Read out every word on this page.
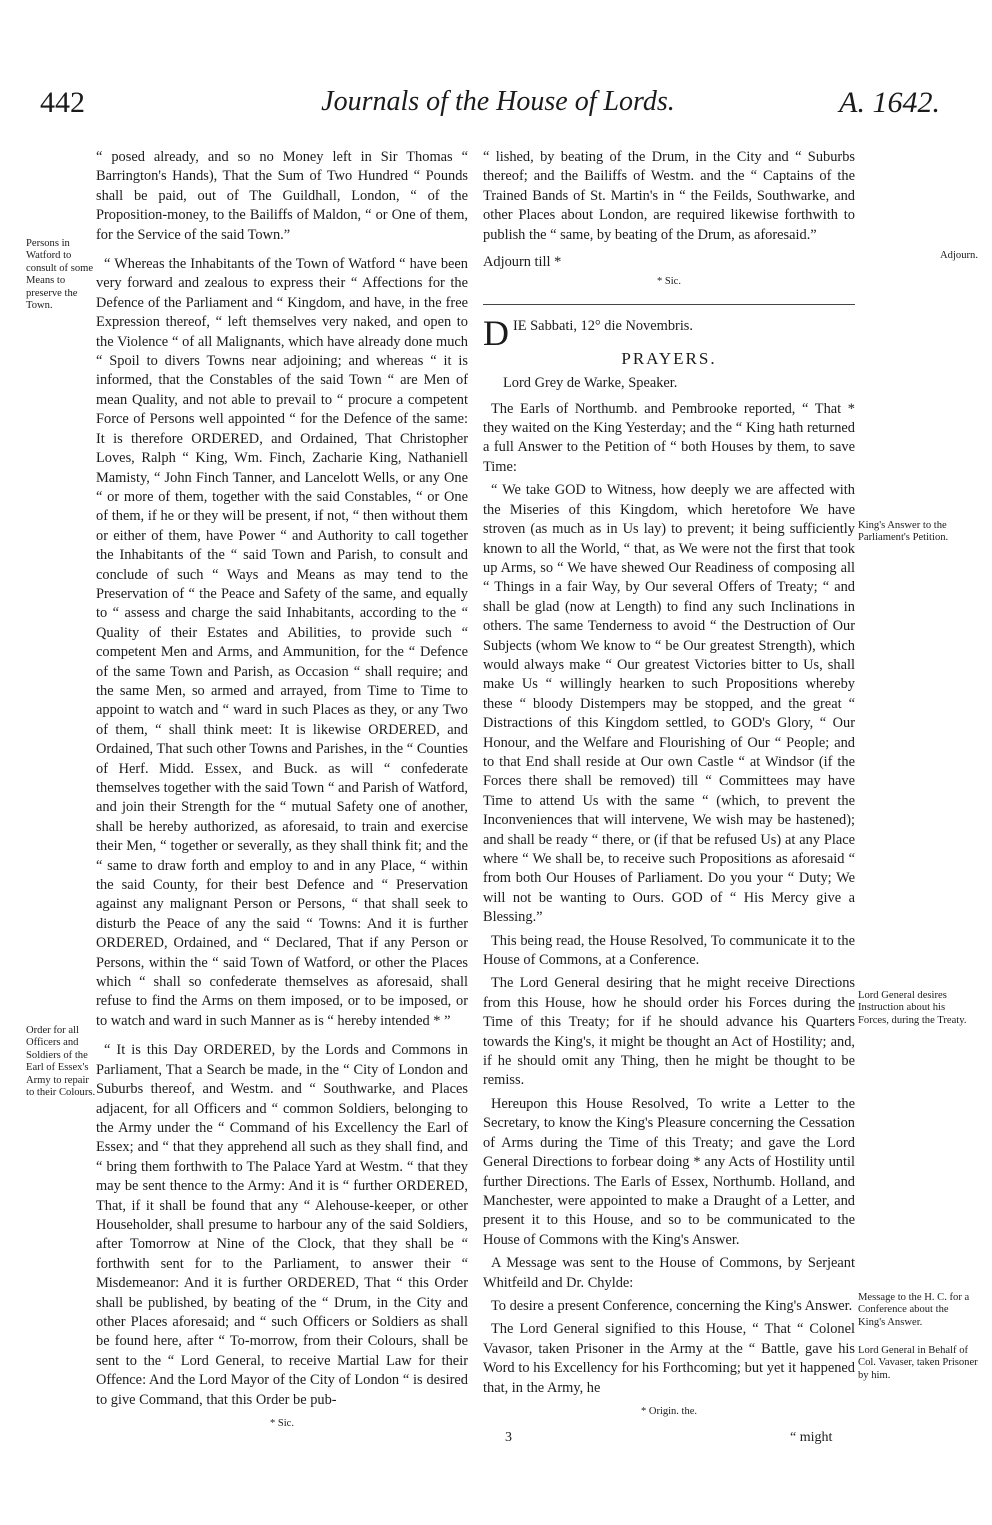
442	Journals of the House of Lords.	A. 1642.
Persons in Watford to consult of some Means to preserve the Town.
Order for all Officers and Soldiers of the Earl of Essex's Army to repair to their Colours.

“ posed already, and so no Money left in Sir Thomas “ Barrington's Hands), That the Sum of Two Hundred “ Pounds shall be paid, out of The Guildhall, London, “ of the Proposition-money, to the Bailiffs of Maldon, “ or One of them, for the Service of the said Town.”

“ Whereas the Inhabitants of the Town of Watford “ have been very forward and zealous to express their “ Affections for the Defence of the Parliament and “ Kingdom, and have, in the free Expression thereof, “ left themselves very naked, and open to the Violence “ of all Malignants, which have already done much “ Spoil to divers Towns near adjoining; and whereas “ it is informed, that the Constables of the said Town “ are Men of mean Quality, and not able to prevail to “ procure a competent Force of Persons well appointed “ for the Defence of the same: It is therefore ORDERED, and Ordained, That Christopher Loves, Ralph “ King, Wm. Finch, Zacharie King, Nathaniell Mamisty, “ John Finch Tanner, and Lancelott Wells, or any One “ or more of them, together with the said Constables, “ or One of them, if he or they will be present, if not, “ then without them or either of them, have Power “ and Authority to call together the Inhabitants of the “ said Town and Parish, to consult and conclude of such “ Ways and Means as may tend to the Preservation of “ the Peace and Safety of the same, and equally to “ assess and charge the said Inhabitants, according to the “ Quality of their Estates and Abilities, to provide such “ competent Men and Arms, and Ammunition, for the “ Defence of the same Town and Parish, as Occasion “ shall require; and the same Men, so armed and arrayed, from Time to Time to appoint to watch and “ ward in such Places as they, or any Two of them, “ shall think meet: It is likewise ORDERED, and Ordained, That such other Towns and Parishes, in the “ Counties of Herf. Midd. Essex, and Buck. as will “ confederate themselves together with the said Town “ and Parish of Watford, and join their Strength for the “ mutual Safety one of another, shall be hereby authorized, as aforesaid, to train and exercise their Men, “ together or severally, as they shall think fit; and the “ same to draw forth and employ to and in any Place, “ within the said County, for their best Defence and “ Preservation against any malignant Person or Persons, “ that shall seek to disturb the Peace of any the said “ Towns: And it is further ORDERED, Ordained, and “ Declared, That if any Person or Persons, within the “ said Town of Watford, or other the Places which “ shall so confederate themselves as aforesaid, shall refuse to find the Arms on them imposed, or to be imposed, or to watch and ward in such Manner as is “ hereby intended * ”

“ It is this Day ORDERED, by the Lords and Commons in Parliament, That a Search be made, in the “ City of London and Suburbs thereof, and Westm. and “ Southwarke, and Places adjacent, for all Officers and “ common Soldiers, belonging to the Army under the “ Command of his Excellency the Earl of Essex; and “ that they apprehend all such as they shall find, and “ bring them forthwith to The Palace Yard at Westm. “ that they may be sent thence to the Army: And it is “ further ORDERED, That, if it shall be found that any “ Alehouse-keeper, or other Householder, shall presume to harbour any of the said Soldiers, after Tomorrow at Nine of the Clock, that they shall be “ forthwith sent for to the Parliament, to answer their “ Misdemeanor: And it is further ORDERED, That “ this Order shall be published, by beating of the “ Drum, in the City and other Places aforesaid; and “ such Officers or Soldiers as shall be found here, after “ To-morrow, from their Colours, shall be sent to the “ Lord General, to receive Martial Law for their Offence: And the Lord Mayor of the City of London “ is desired to give Command, that this Order be pub-

* Sic.

“ lished, by beating of the Drum, in the City and “ Suburbs thereof; and the Bailiffs of Westm. and the “ Captains of the Trained Bands of St. Martin's in “ the Feilds, Southwarke, and other Places about London, are required likewise forthwith to publish the “ same, by beating of the Drum, as aforesaid.”

Adjourn till *
* Sic.
D IE Sabbati, 12° die Novembris.
PRAYERS.
Lord Grey de Warke, Speaker.

The Earls of Northumb. and Pembrooke reported, “ That * they waited on the King Yesterday; and the “ King hath returned a full Answer to the Petition of “ both Houses by them, to save Time:

“ We take GOD to Witness, how deeply we are affected with the Miseries of this Kingdom, which heretofore We have stroven (as much as in Us lay) to prevent; it being sufficiently known to all the World, “ that, as We were not the first that took up Arms, so “ We have shewed Our Readiness of composing all “ Things in a fair Way, by Our several Offers of Treaty; “ and shall be glad (now at Length) to find any such Inclinations in others. The same Tenderness to avoid “ the Destruction of Our Subjects (whom We know to “ be Our greatest Strength), which would always make “ Our greatest Victories bitter to Us, shall make Us “ willingly hearken to such Propositions whereby these “ bloody Distempers may be stopped, and the great “ Distractions of this Kingdom settled, to GOD's Glory, “ Our Honour, and the Welfare and Flourishing of Our “ People; and to that End shall reside at Our own Castle “ at Windsor (if the Forces there shall be removed) till “ Committees may have Time to attend Us with the same “ (which, to prevent the Inconveniences that will intervene, We wish may be hastened); and shall be ready “ there, or (if that be refused Us) at any Place where “ We shall be, to receive such Propositions as aforesaid “ from both Our Houses of Parliament. Do you your “ Duty; We will not be wanting to Ours. GOD of “ His Mercy give a Blessing.”

This being read, the House Resolved, To communicate it to the House of Commons, at a Conference.

The Lord General desiring that he might receive Directions from this House, how he should order his Forces during the Time of this Treaty; for if he should advance his Quarters towards the King's, it might be thought an Act of Hostility; and, if he should omit any Thing, then he might be thought to be remiss.

Hereupon this House Resolved, To write a Letter to the Secretary, to know the King's Pleasure concerning the Cessation of Arms during the Time of this Treaty; and gave the Lord General Directions to forbear doing * any Acts of Hostility until further Directions. The Earls of Essex, Northumb. Holland, and Manchester, were appointed to make a Draught of a Letter, and present it to this House, and so to be communicated to the House of Commons with the King's Answer.

A Message was sent to the House of Commons, by Serjeant Whitfeild and Dr. Chylde:

To desire a present Conference, concerning the King's Answer.

The Lord General signified to this House, “ That “ Colonel Vavasor, taken Prisoner in the Army at the “ Battle, gave his Word to his Excellency for his Forthcoming; but yet it happened that, in the Army, he

* Origin. the.
Adjourn.
King's Answer to the Parliament's Petition.
Lord General desires Instruction about his Forces, during the Treaty.
Message to the H. C. for a Conference about the King's Answer.
Lord General in Behalf of Col. Vavaser, taken Prisoner by him.
3	“ might
